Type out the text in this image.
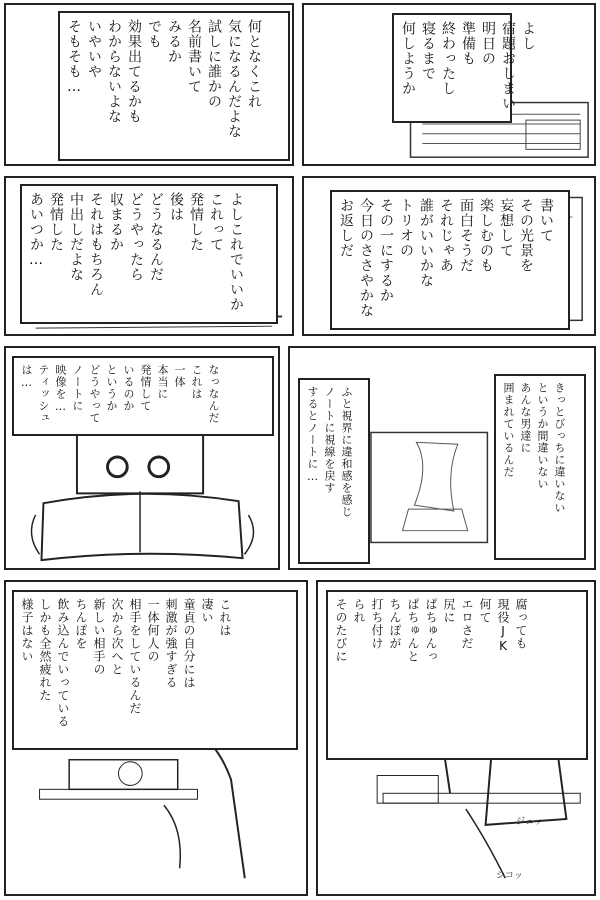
何となくこれ
気になるんだよな
試しに誰かの
名前書いて
みるか
でも
効果出てるかも
わからないよな
いやいや
そもそも…	よし
宿題おしまい
明日の
準備も
終わったし
寝るまで
何しようか
よしこれでいいか
これって
発情した
後は
どうなるんだ
どうやったら
収まるか
それはもちろん
中出しだよな
発情した
あいつか…	書いて
その光景を
妄想して
楽しむのも
面白そうだ
それじゃあ
誰がいいかな
トリオの
その一にするか
今日のささやかな
お返しだ
なっなんだ
これは
一体
本当に
発情して
いるのか
というか
どうやって
ノートに
映像を…
ティッシュ
は…
きっとびっちに違いない
というか間違いない
あんな男達に
囲まれているんだ
ふと視界に違和感を感じ
ノートに視線を戻す
するとノートに…
これは
凄い
童貞の自分には
刺激が強すぎる
一体何人の
相手をしているんだ
次から次へと
新しい相手の
ちんぽを
飲み込んでいっている
しかも全然疲れた
様子はない	腐っても
現役JK
何て
エロさだ
尻に
ぱちゅんっ
ぱちゅんと
ちんぽが
打ち付け
られ
そのたびに
ジュッ
シコッ
